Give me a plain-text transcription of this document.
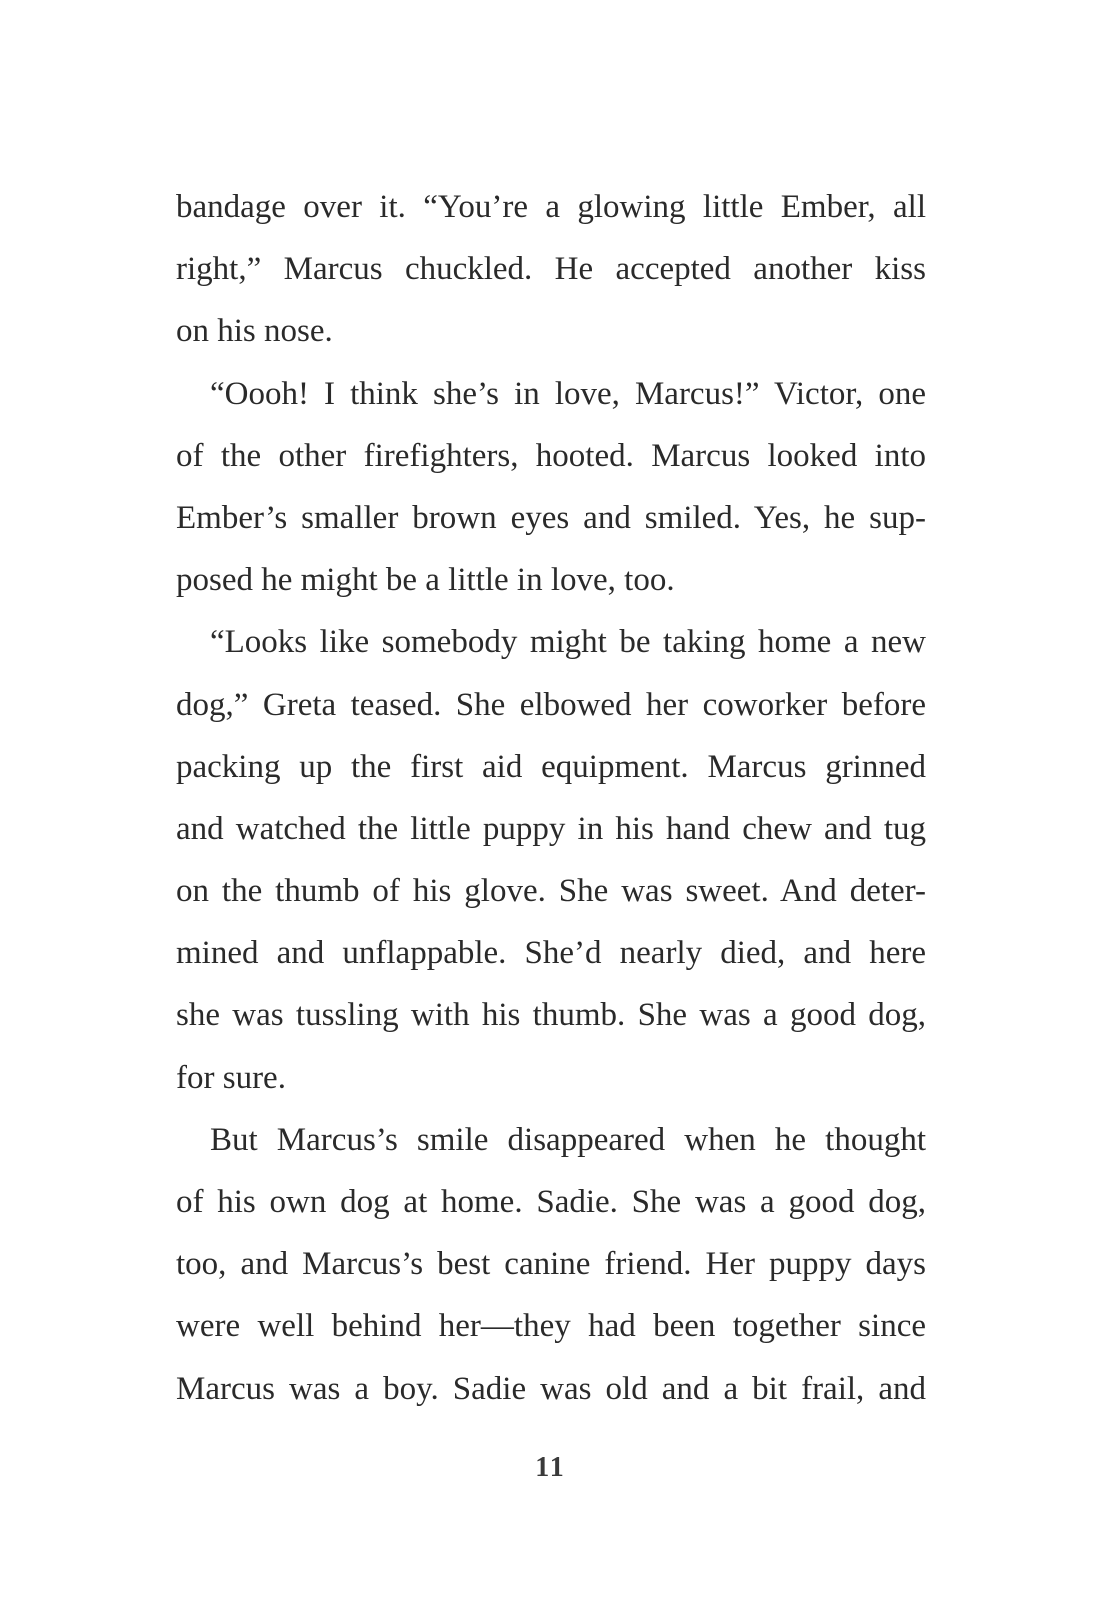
bandage over it. “You’re a glowing little Ember, all
right,” Marcus chuckled. He accepted another kiss
on his nose.
“Oooh! I think she’s in love, Marcus!” Victor, one
of the other firefighters, hooted. Marcus looked into
Ember’s smaller brown eyes and smiled. Yes, he sup-
posed he might be a little in love, too.
“Looks like somebody might be taking home a new
dog,” Greta teased. She elbowed her coworker before
packing up the first aid equipment. Marcus grinned
and watched the little puppy in his hand chew and tug
on the thumb of his glove. She was sweet. And deter-
mined and unflappable. She’d nearly died, and here
she was tussling with his thumb. She was a good dog,
for sure.
But Marcus’s smile disappeared when he thought
of his own dog at home. Sadie. She was a good dog,
too, and Marcus’s best canine friend. Her puppy days
were well behind her—they had been together since
Marcus was a boy. Sadie was old and a bit frail, and
11
